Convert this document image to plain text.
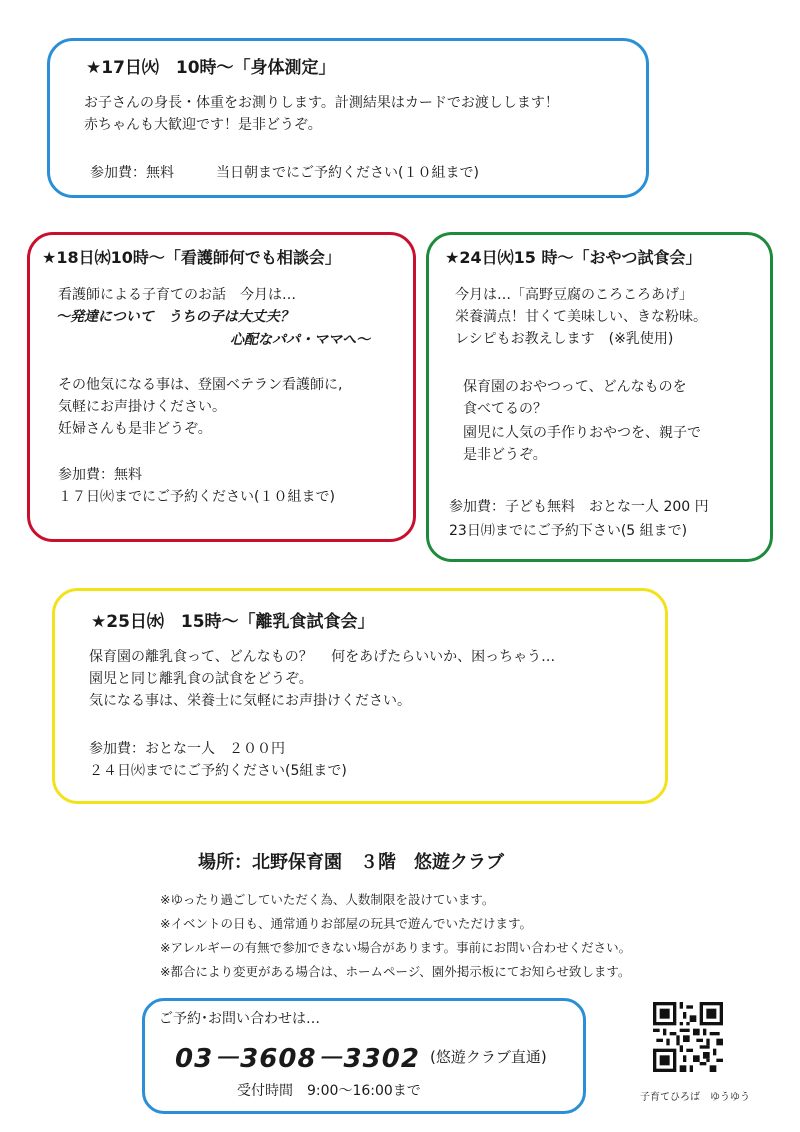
★17日㈫　10時～「身体測定」
お子さんの身長・体重をお測りします。計測結果はカードでお渡しします！
赤ちゃんも大歓迎です！是非どうぞ。
参加費：無料　　　当日朝までにご予約ください(１０組まで)
★18日㈬10時～「看護師何でも相談会」
看護師による子育てのお話　今月は…
～発達について　うちの子は大丈夫？
心配なパパ・ママへ～
その他気になる事は、登園ベテラン看護師に,
気軽にお声掛けください。
妊婦さんも是非どうぞ。
参加費：無料
１７日㈫までにご予約ください(１０組まで)
★24日㈫15 時～「おやつ試食会」
今月は…「高野豆腐のころころあげ」
栄養満点！甘くて美味しい、きな粉味。
レシピもお教えします　(※乳使用)
保育園のおやつって、どんなものを
食べてるの？
園児に人気の手作りおやつを、親子で
是非どうぞ。
参加費：子ども無料　おとな一人 200 円
23日㈪までにご予約下さい(5 組まで)
★25日㈬　15時～「離乳食試食会」
保育園の離乳食って、どんなもの？　 何をあげたらいいか、困っちゃう…
園児と同じ離乳食の試食をどうぞ。
気になる事は、栄養士に気軽にお声掛けください。
参加費：おとな一人　２００円
２４日㈫までにご予約ください(5組まで)
場所：北野保育園　３階　悠遊クラブ
※ゆったり過ごしていただく為、人数制限を設けています。
※イベントの日も、通常通りお部屋の玩具で遊んでいただけます。
※アレルギーの有無で参加できない場合があります。事前にお問い合わせください。
※都合により変更がある場合は、ホームページ、園外掲示板にてお知らせ致します。
ご予約･お問い合わせは…
受付時間　9:00～16:00まで
03－3608－3302 (悠遊クラブ直通)
子育てひろば　ゆうゆう
